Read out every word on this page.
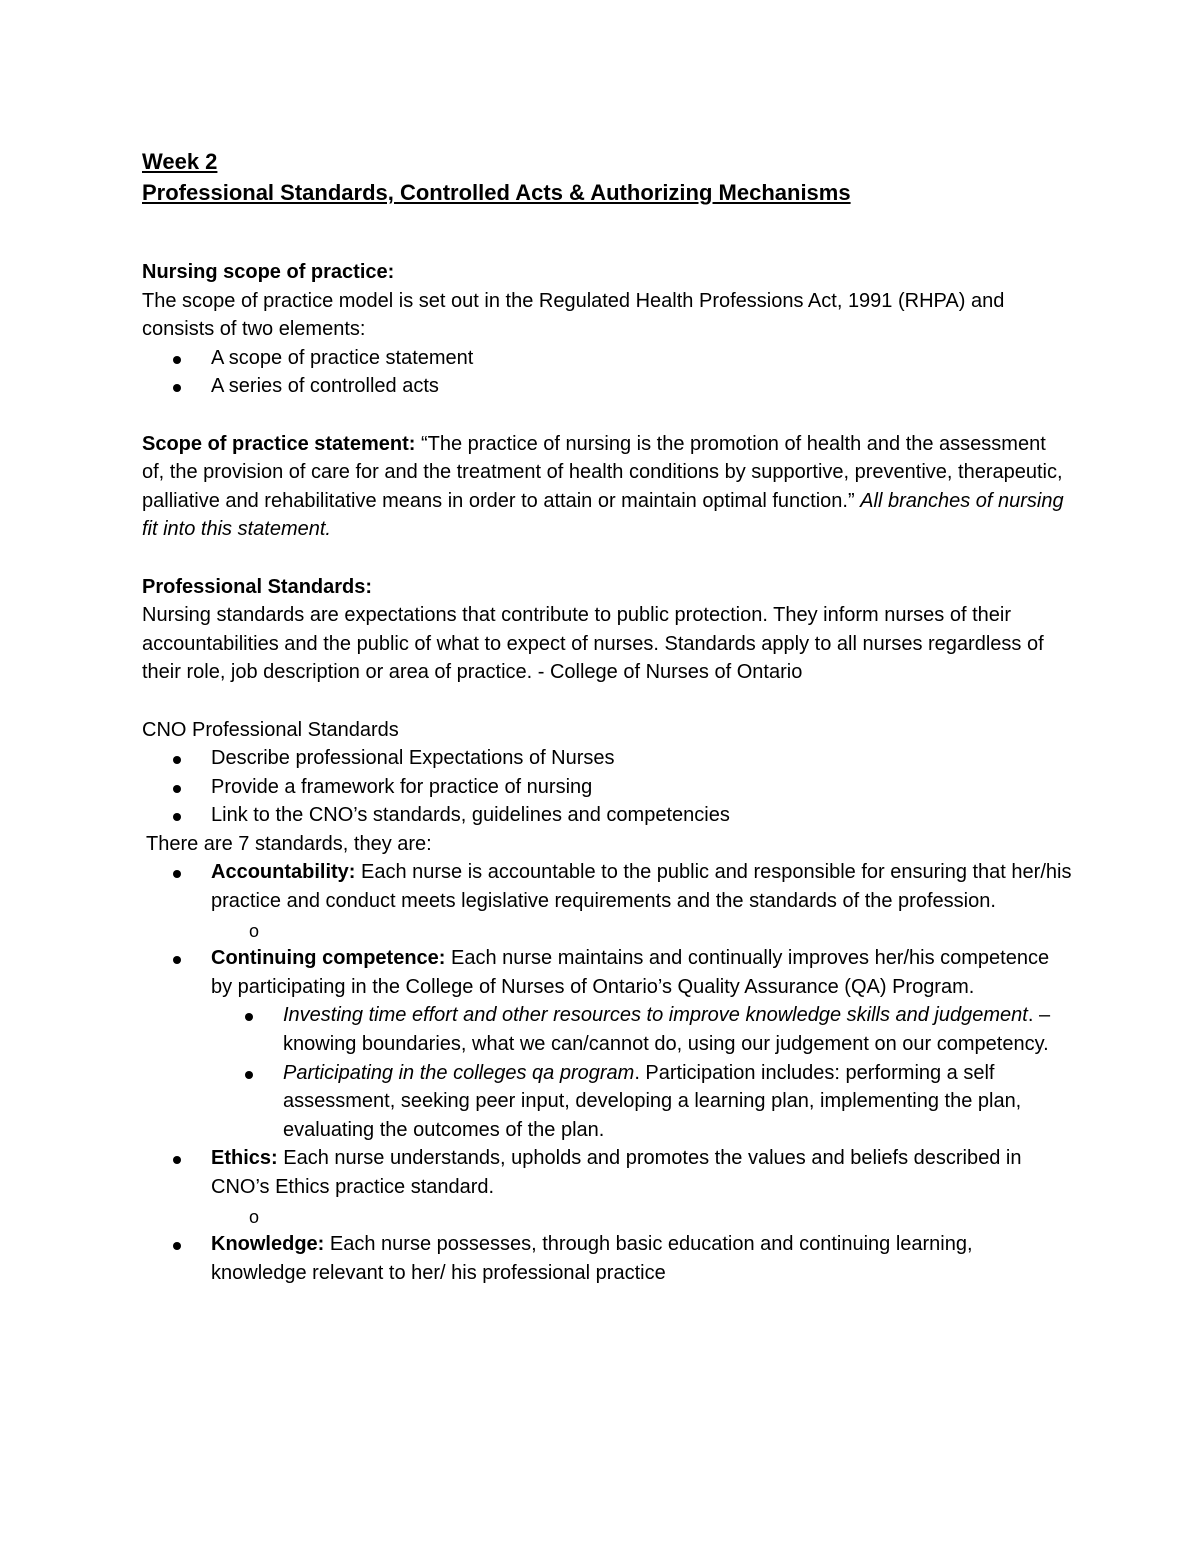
Week 2

Professional Standards, Controlled Acts & Authorizing Mechanisms

Nursing scope of practice:

The scope of practice model is set out in the Regulated Health Professions Act, 1991 (RHPA) and consists of two elements:

A scope of practice statement
A series of controlled acts

Scope of practice statement: “The practice of nursing is the promotion of health and the assessment of, the provision of care for and the treatment of health conditions by supportive, preventive, therapeutic, palliative and rehabilitative means in order to attain or maintain optimal function.” All branches of nursing fit into this statement.

Professional Standards:

Nursing standards are expectations that contribute to public protection. They inform nurses of their accountabilities and the public of what to expect of nurses. Standards apply to all nurses regardless of their role, job description or area of practice. - College of Nurses of Ontario

CNO Professional Standards

Describe professional Expectations of Nurses
Provide a framework for practice of nursing
Link to the CNO’s standards, guidelines and competencies

There are 7 standards, they are:

Accountability: Each nurse is accountable to the public and responsible for ensuring that her/his practice and conduct meets legislative requirements and the standards of the profession.
o

Continuing competence: Each nurse maintains and continually improves her/his competence by participating in the College of Nurses of Ontario’s Quality Assurance (QA) Program.
Investing time effort and other resources to improve knowledge skills and judgement. – knowing boundaries, what we can/cannot do, using our judgement on our competency.
Participating in the colleges qa program. Participation includes: performing a self assessment, seeking peer input, developing a learning plan, implementing the plan, evaluating the outcomes of the plan.
Ethics: Each nurse understands, upholds and promotes the values and beliefs described in CNO’s Ethics practice standard.
o

Knowledge: Each nurse possesses, through basic education and continuing learning, knowledge relevant to her/ his professional practice
